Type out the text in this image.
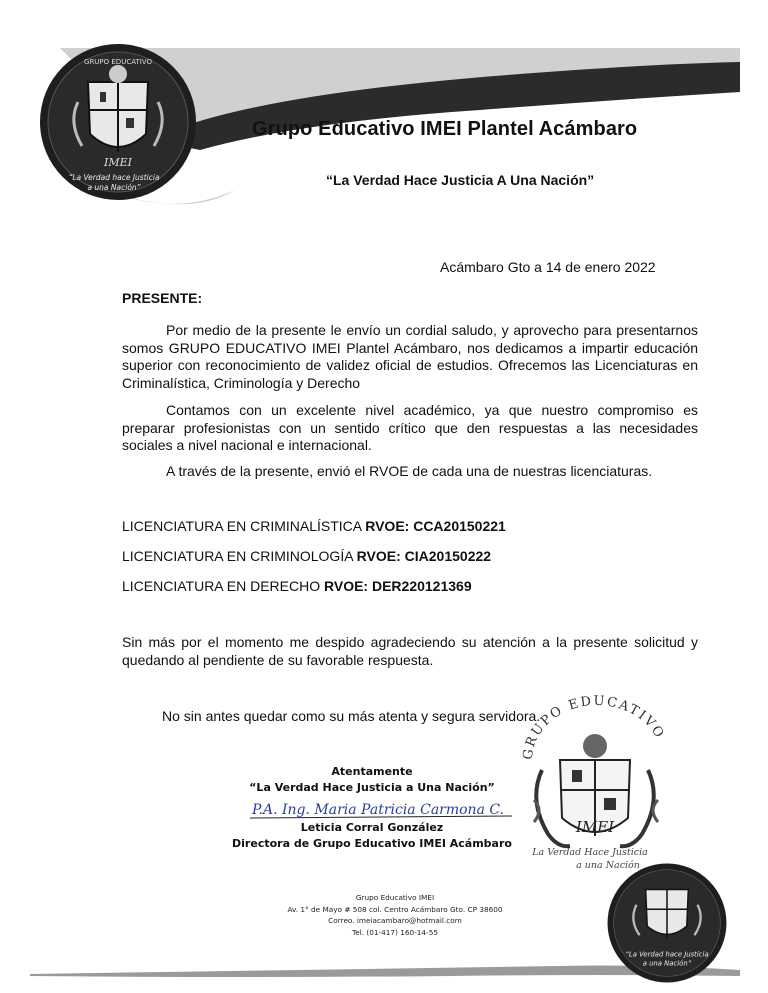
GRUPO EDUCATIVO
IMEI
“La Verdad hace Justicia
a una Nación”
Grupo Educativo IMEI Plantel Acámbaro
“La Verdad Hace Justicia A Una Nación”
Acámbaro Gto a 14 de enero 2022
PRESENTE:
Por medio de la presente le envío un cordial saludo, y aprovecho para presentarnos somos GRUPO EDUCATIVO IMEI Plantel Acámbaro, nos dedicamos a impartir educación superior con reconocimiento de validez oficial de estudios. Ofrecemos las Licenciaturas en Criminalística, Criminología y Derecho
Contamos con un excelente nivel académico, ya que nuestro compromiso es preparar profesionistas con un sentido crítico que den respuestas a las necesidades sociales a nivel nacional e internacional.
A través de la presente, envió el RVOE de cada una de nuestras licenciaturas.
LICENCIATURA EN CRIMINALÍSTICA RVOE: CCA20150221
LICENCIATURA EN CRIMINOLOGÍA RVOE: CIA20150222
LICENCIATURA EN DERECHO RVOE: DER220121369
Sin más por el momento me despido agradeciendo su atención a la presente solicitud y quedando al pendiente de su favorable respuesta.
No sin antes quedar como su más atenta y segura servidora.
GRUPO EDUCATIVO
IMEI
La Verdad Hace Justicia
a una Nación
Atentamente
“La Verdad Hace Justicia a Una Nación”
P.A. Ing. Maria Patricia Carmona C.
Leticia Corral González
Directora de Grupo Educativo IMEI Acámbaro
Grupo Educativo IMEI
Av. 1° de Mayo # 508 col. Centro Acámbaro Gto. CP 38600
Correo. imeiacambaro@hotmail.com
Tel. (01-417) 160-14-55
“La Verdad hace Justicia
a una Nación”
